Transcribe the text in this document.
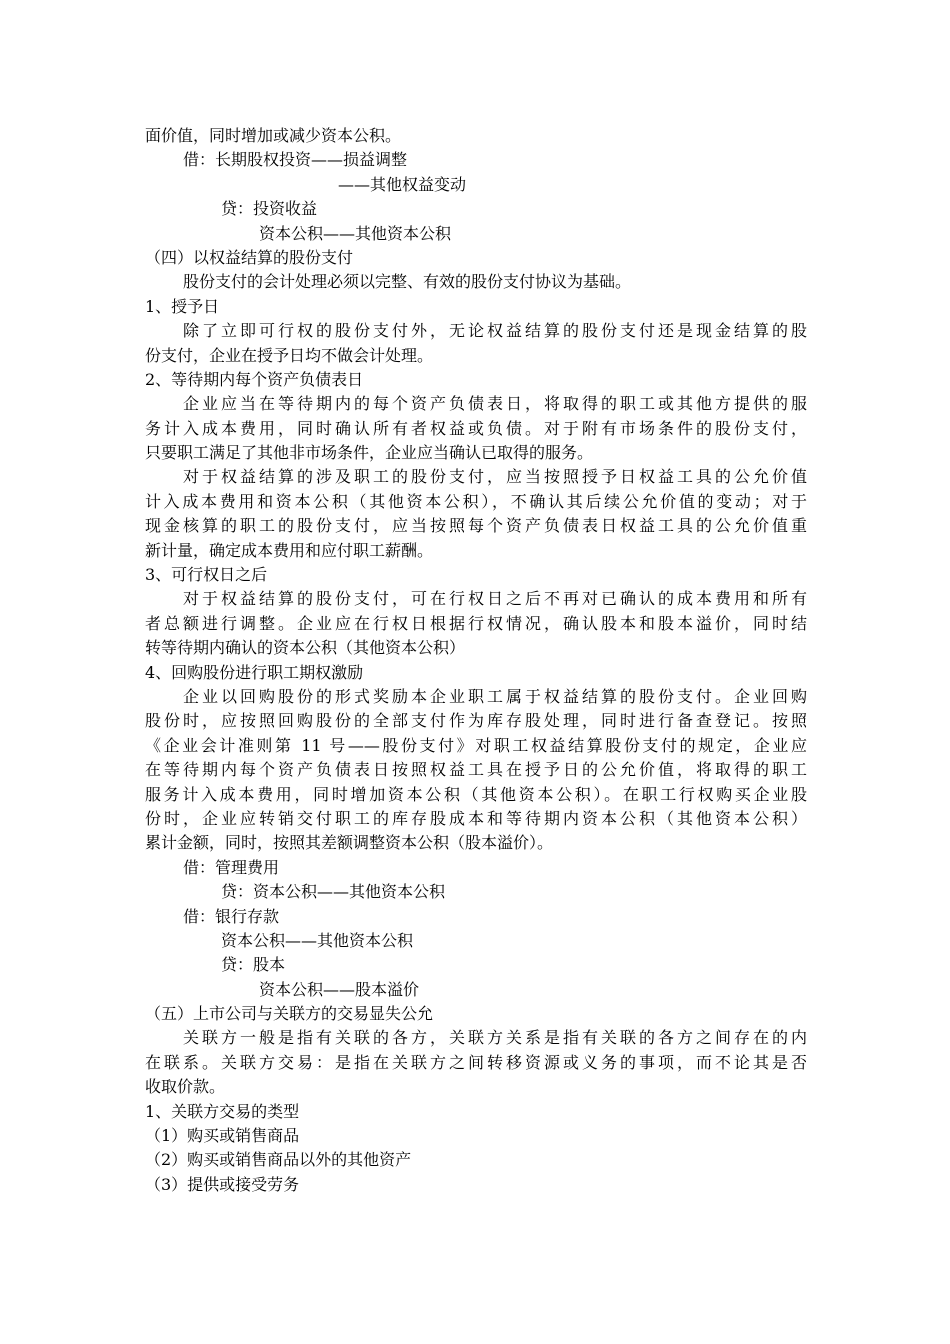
面价值，同时增加或减少资本公积。
借：长期股权投资——损益调整
——其他权益变动
贷：投资收益
资本公积——其他资本公积
（四）以权益结算的股份支付
股份支付的会计处理必须以完整、有效的股份支付协议为基础。
1、授予日
除了立即可行权的股份支付外，无论权益结算的股份支付还是现金结算的股
份支付，企业在授予日均不做会计处理。
2、等待期内每个资产负债表日
企业应当在等待期内的每个资产负债表日，将取得的职工或其他方提供的服
务计入成本费用，同时确认所有者权益或负债。对于附有市场条件的股份支付，
只要职工满足了其他非市场条件，企业应当确认已取得的服务。
对于权益结算的涉及职工的股份支付，应当按照授予日权益工具的公允价值
计入成本费用和资本公积（其他资本公积），不确认其后续公允价值的变动；对于
现金核算的职工的股份支付，应当按照每个资产负债表日权益工具的公允价值重
新计量，确定成本费用和应付职工薪酬。
3、可行权日之后
对于权益结算的股份支付，可在行权日之后不再对已确认的成本费用和所有
者总额进行调整。企业应在行权日根据行权情况，确认股本和股本溢价，同时结
转等待期内确认的资本公积（其他资本公积）
4、回购股份进行职工期权激励
企业以回购股份的形式奖励本企业职工属于权益结算的股份支付。企业回购
股份时，应按照回购股份的全部支付作为库存股处理，同时进行备查登记。按照
《企业会计准则第 11 号——股份支付》对职工权益结算股份支付的规定，企业应
在等待期内每个资产负债表日按照权益工具在授予日的公允价值，将取得的职工
服务计入成本费用，同时增加资本公积（其他资本公积）。在职工行权购买企业股
份时，企业应转销交付职工的库存股成本和等待期内资本公积（其他资本公积）
累计金额，同时，按照其差额调整资本公积（股本溢价）。
借：管理费用
贷：资本公积——其他资本公积
借：银行存款
资本公积——其他资本公积
贷：股本
资本公积——股本溢价
（五）上市公司与关联方的交易显失公允
关联方一般是指有关联的各方，关联方关系是指有关联的各方之间存在的内
在联系。关联方交易：是指在关联方之间转移资源或义务的事项，而不论其是否
收取价款。
1、关联方交易的类型
（1）购买或销售商品
（2）购买或销售商品以外的其他资产
（3）提供或接受劳务
